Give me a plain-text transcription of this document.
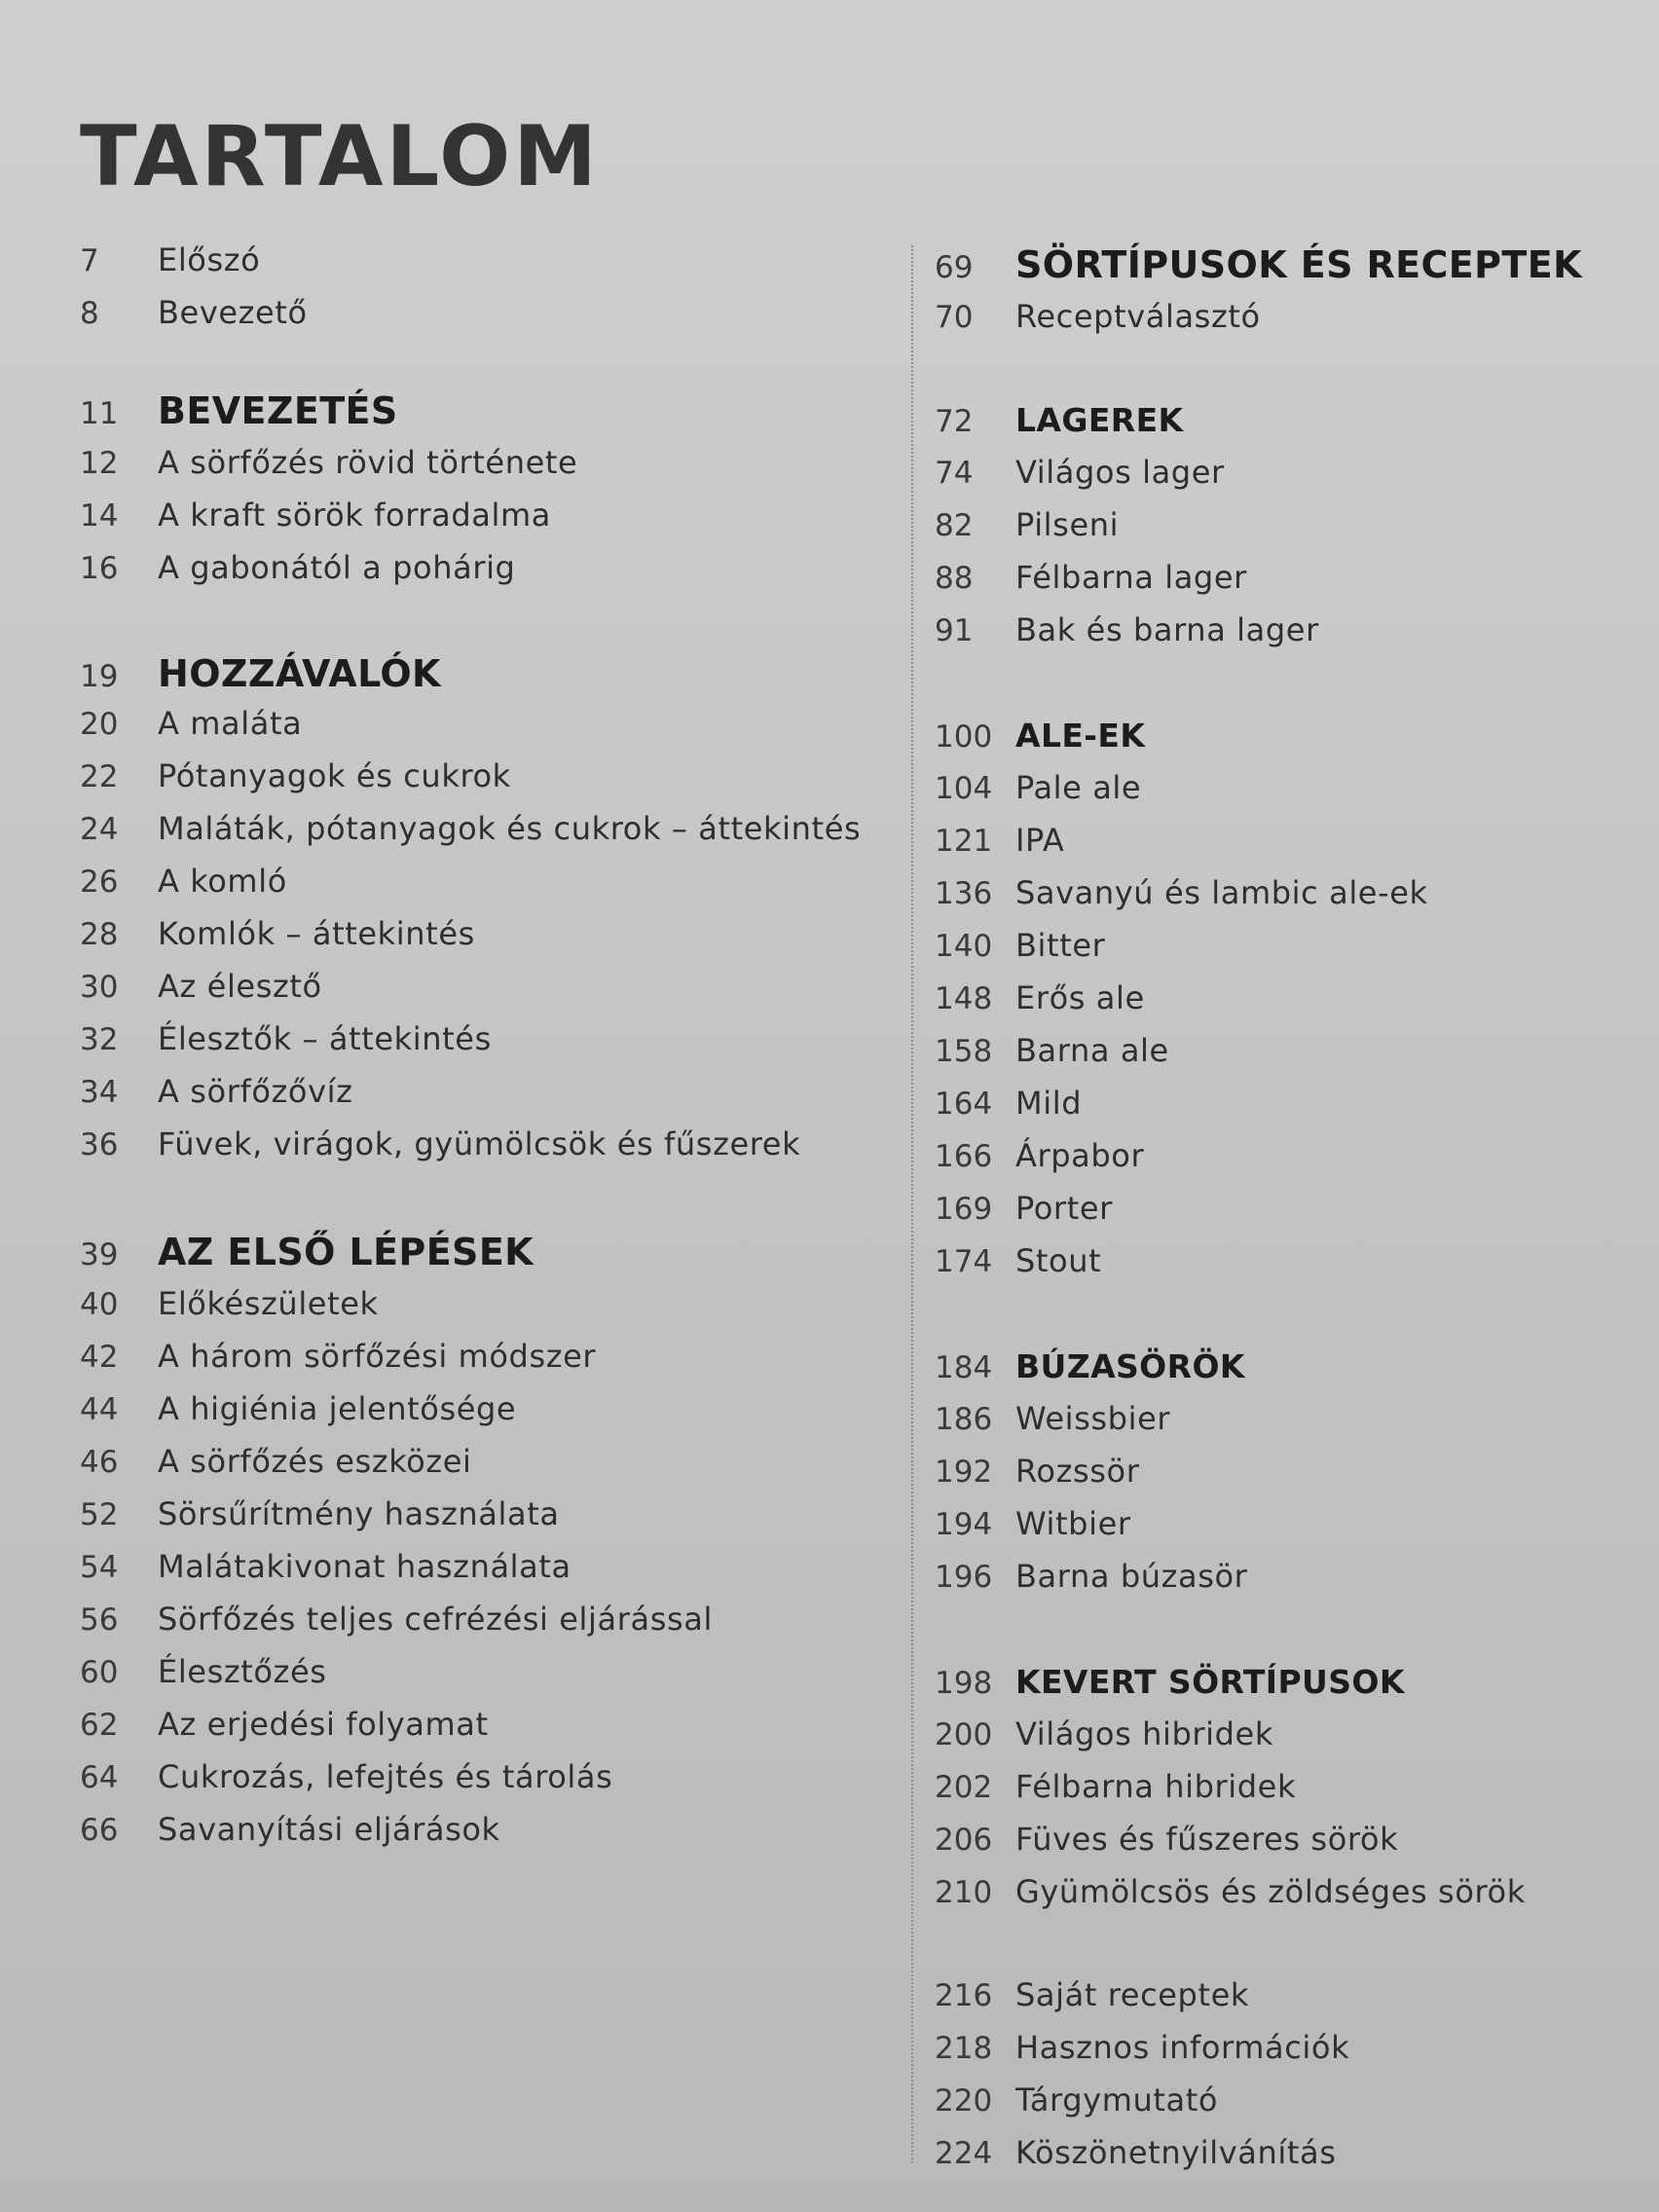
TARTALOM
7	Előszó
8	Bevezető
11	BEVEZETÉS
12	A sörfőzés rövid története
14	A kraft sörök forradalma
16	A gabonától a pohárig
19	HOZZÁVALÓK
20	A maláta
22	Pótanyagok és cukrok
24	Maláták, pótanyagok és cukrok – áttekintés
26	A komló
28	Komlók – áttekintés
30	Az élesztő
32	Élesztők – áttekintés
34	A sörfőzővíz
36	Füvek, virágok, gyümölcsök és fűszerek
39	AZ ELSŐ LÉPÉSEK
40	Előkészületek
42	A három sörfőzési módszer
44	A higiénia jelentősége
46	A sörfőzés eszközei
52	Sörsűrítmény használata
54	Malátakivonat használata
56	Sörfőzés teljes cefrézési eljárással
60	Élesztőzés
62	Az erjedési folyamat
64	Cukrozás, lefejtés és tárolás
66	Savanyítási eljárások
69	SÖRTÍPUSOK ÉS RECEPTEK
70	Receptválasztó
72	LAGEREK
74	Világos lager
82	Pilseni
88	Félbarna lager
91	Bak és barna lager
100 ALE-EK
104 Pale ale
121 IPA
136 Savanyú és lambic ale-ek
140 Bitter
148 Erős ale
158 Barna ale
164 Mild
166 Árpabor
169 Porter
174 Stout
184 BÚZASÖRÖK
186 Weissbier
192 Rozssör
194 Witbier
196 Barna búzasör
198 KEVERT SÖRTÍPUSOK
200 Világos hibridek
202 Félbarna hibridek
206 Füves és fűszeres sörök
210 Gyümölcsös és zöldséges sörök
216 Saját receptek
218 Hasznos információk
220 Tárgymutató
224 Köszönetnyilvánítás
